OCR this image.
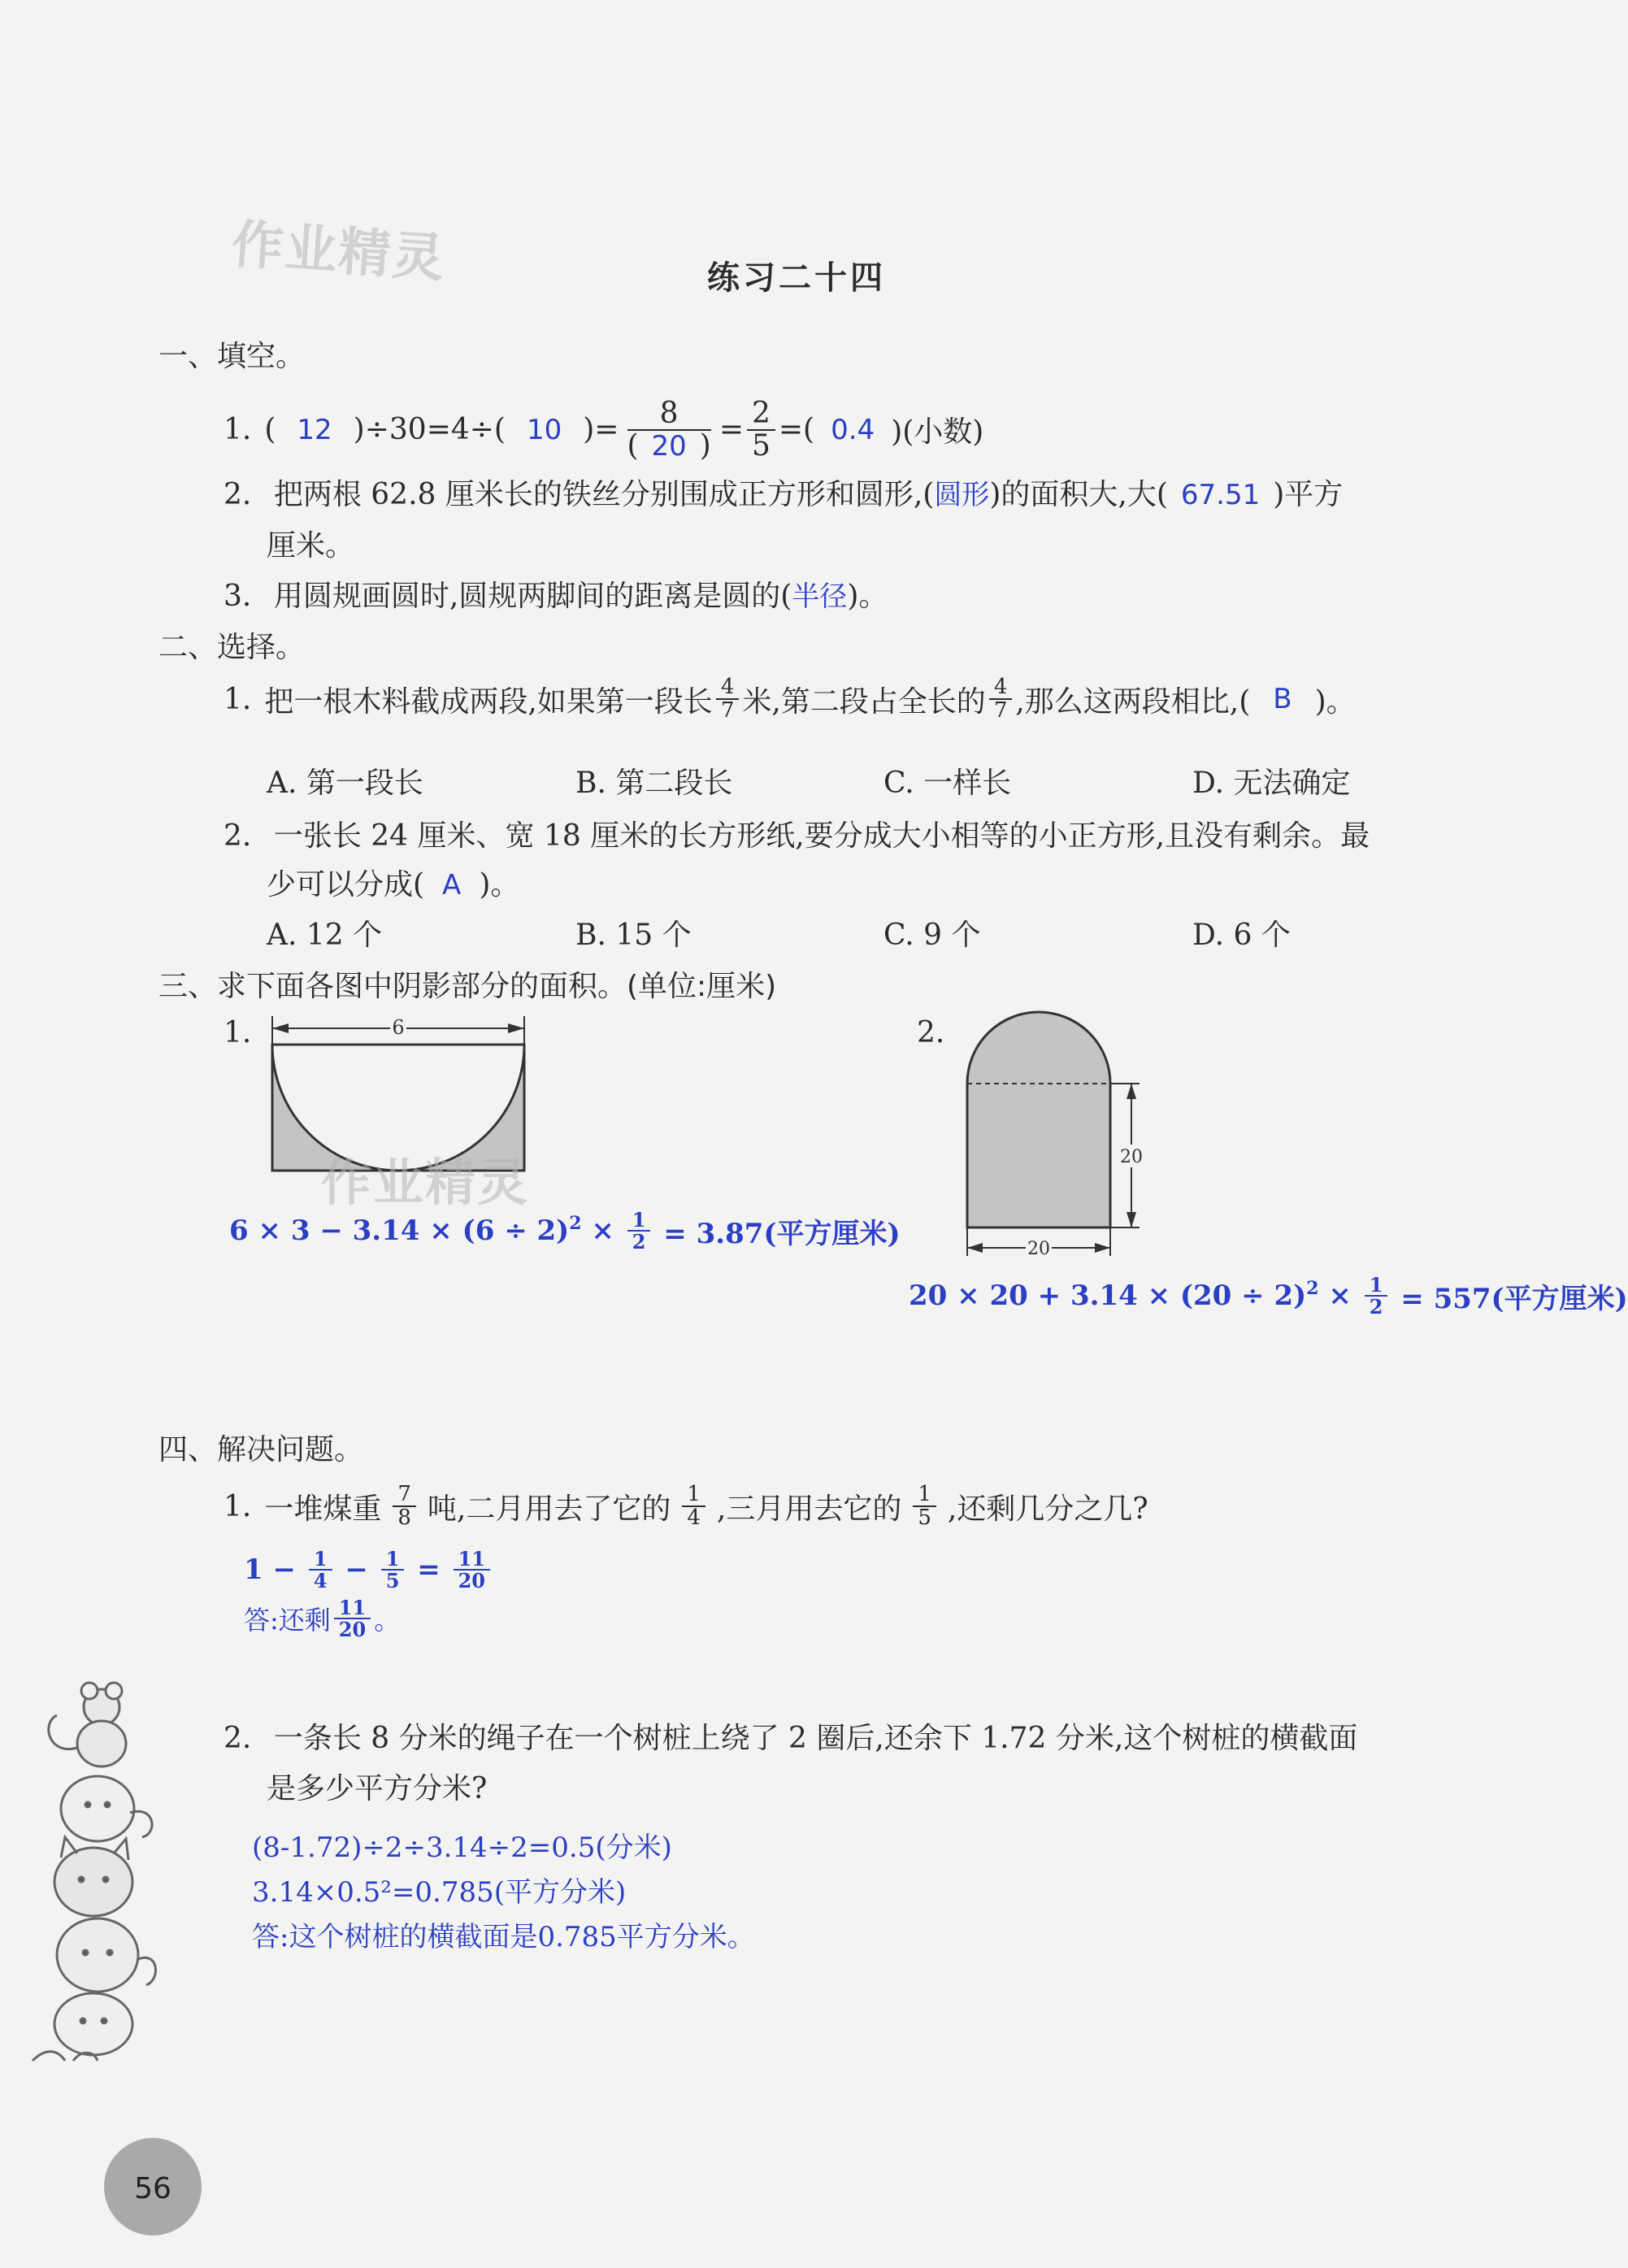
作业精灵	练习二十四
一、填空。
1. ( 12 )÷30=4÷( 10 )= $\frac{8}{( 20 )} = \frac{2}{5}$ =( 0.4 )(小数)
2. 把两根 62.8 厘米长的铁丝分别围成正方形和圆形,(圆形)的面积大,大( 67.51 )平方
厘米。
3. 用圆规画圆时,圆规两脚间的距离是圆的(半径)。
二、选择。
1. 把一根木料截成两段,如果第一段长 $\frac{4}{7}$ 米,第二段占全长的 $\frac{4}{7}$ ,那么这两段相比,( B )。
A. 第一段长	B. 第二段长	C. 一样长	D. 无法确定
2. 一张长 24 厘米、宽 18 厘米的长方形纸,要分成大小相等的小正方形,且没有剩余。最
少可以分成( A )。
A. 12 个	B. 15 个	C. 9 个	D. 6 个
三、求下面各图中阴影部分的面积。(单位:厘米)
1.	6
作业精灵
$6 \times 3 - 3.14 \times (6 \div 2)^2 \times \frac{1}{2} = 3.87$(平方厘米)
2.
20
20
$20 \times 20 + 3.14 \times (20 \div 2)^2 \times \frac{1}{2} = 557$(平方厘米)
四、解决问题。
1. 一堆煤重 $\frac{7}{8}$ 吨,二月用去了它的 $\frac{1}{4}$ ,三月用去它的 $\frac{1}{5}$ ,还剩几分之几?
$1 - \frac{1}{4} - \frac{1}{5} = \frac{11}{20}$
答:还剩 $\frac{11}{20}$ 。
2. 一条长 8 分米的绳子在一个树桩上绕了 2 圈后,还余下 1.72 分米,这个树桩的横截面
是多少平方分米?
(8-1.72)÷2÷3.14÷2=0.5(分米)
3.14×0.5²=0.785(平方分米)
答:这个树桩的横截面是0.785平方分米。
56
